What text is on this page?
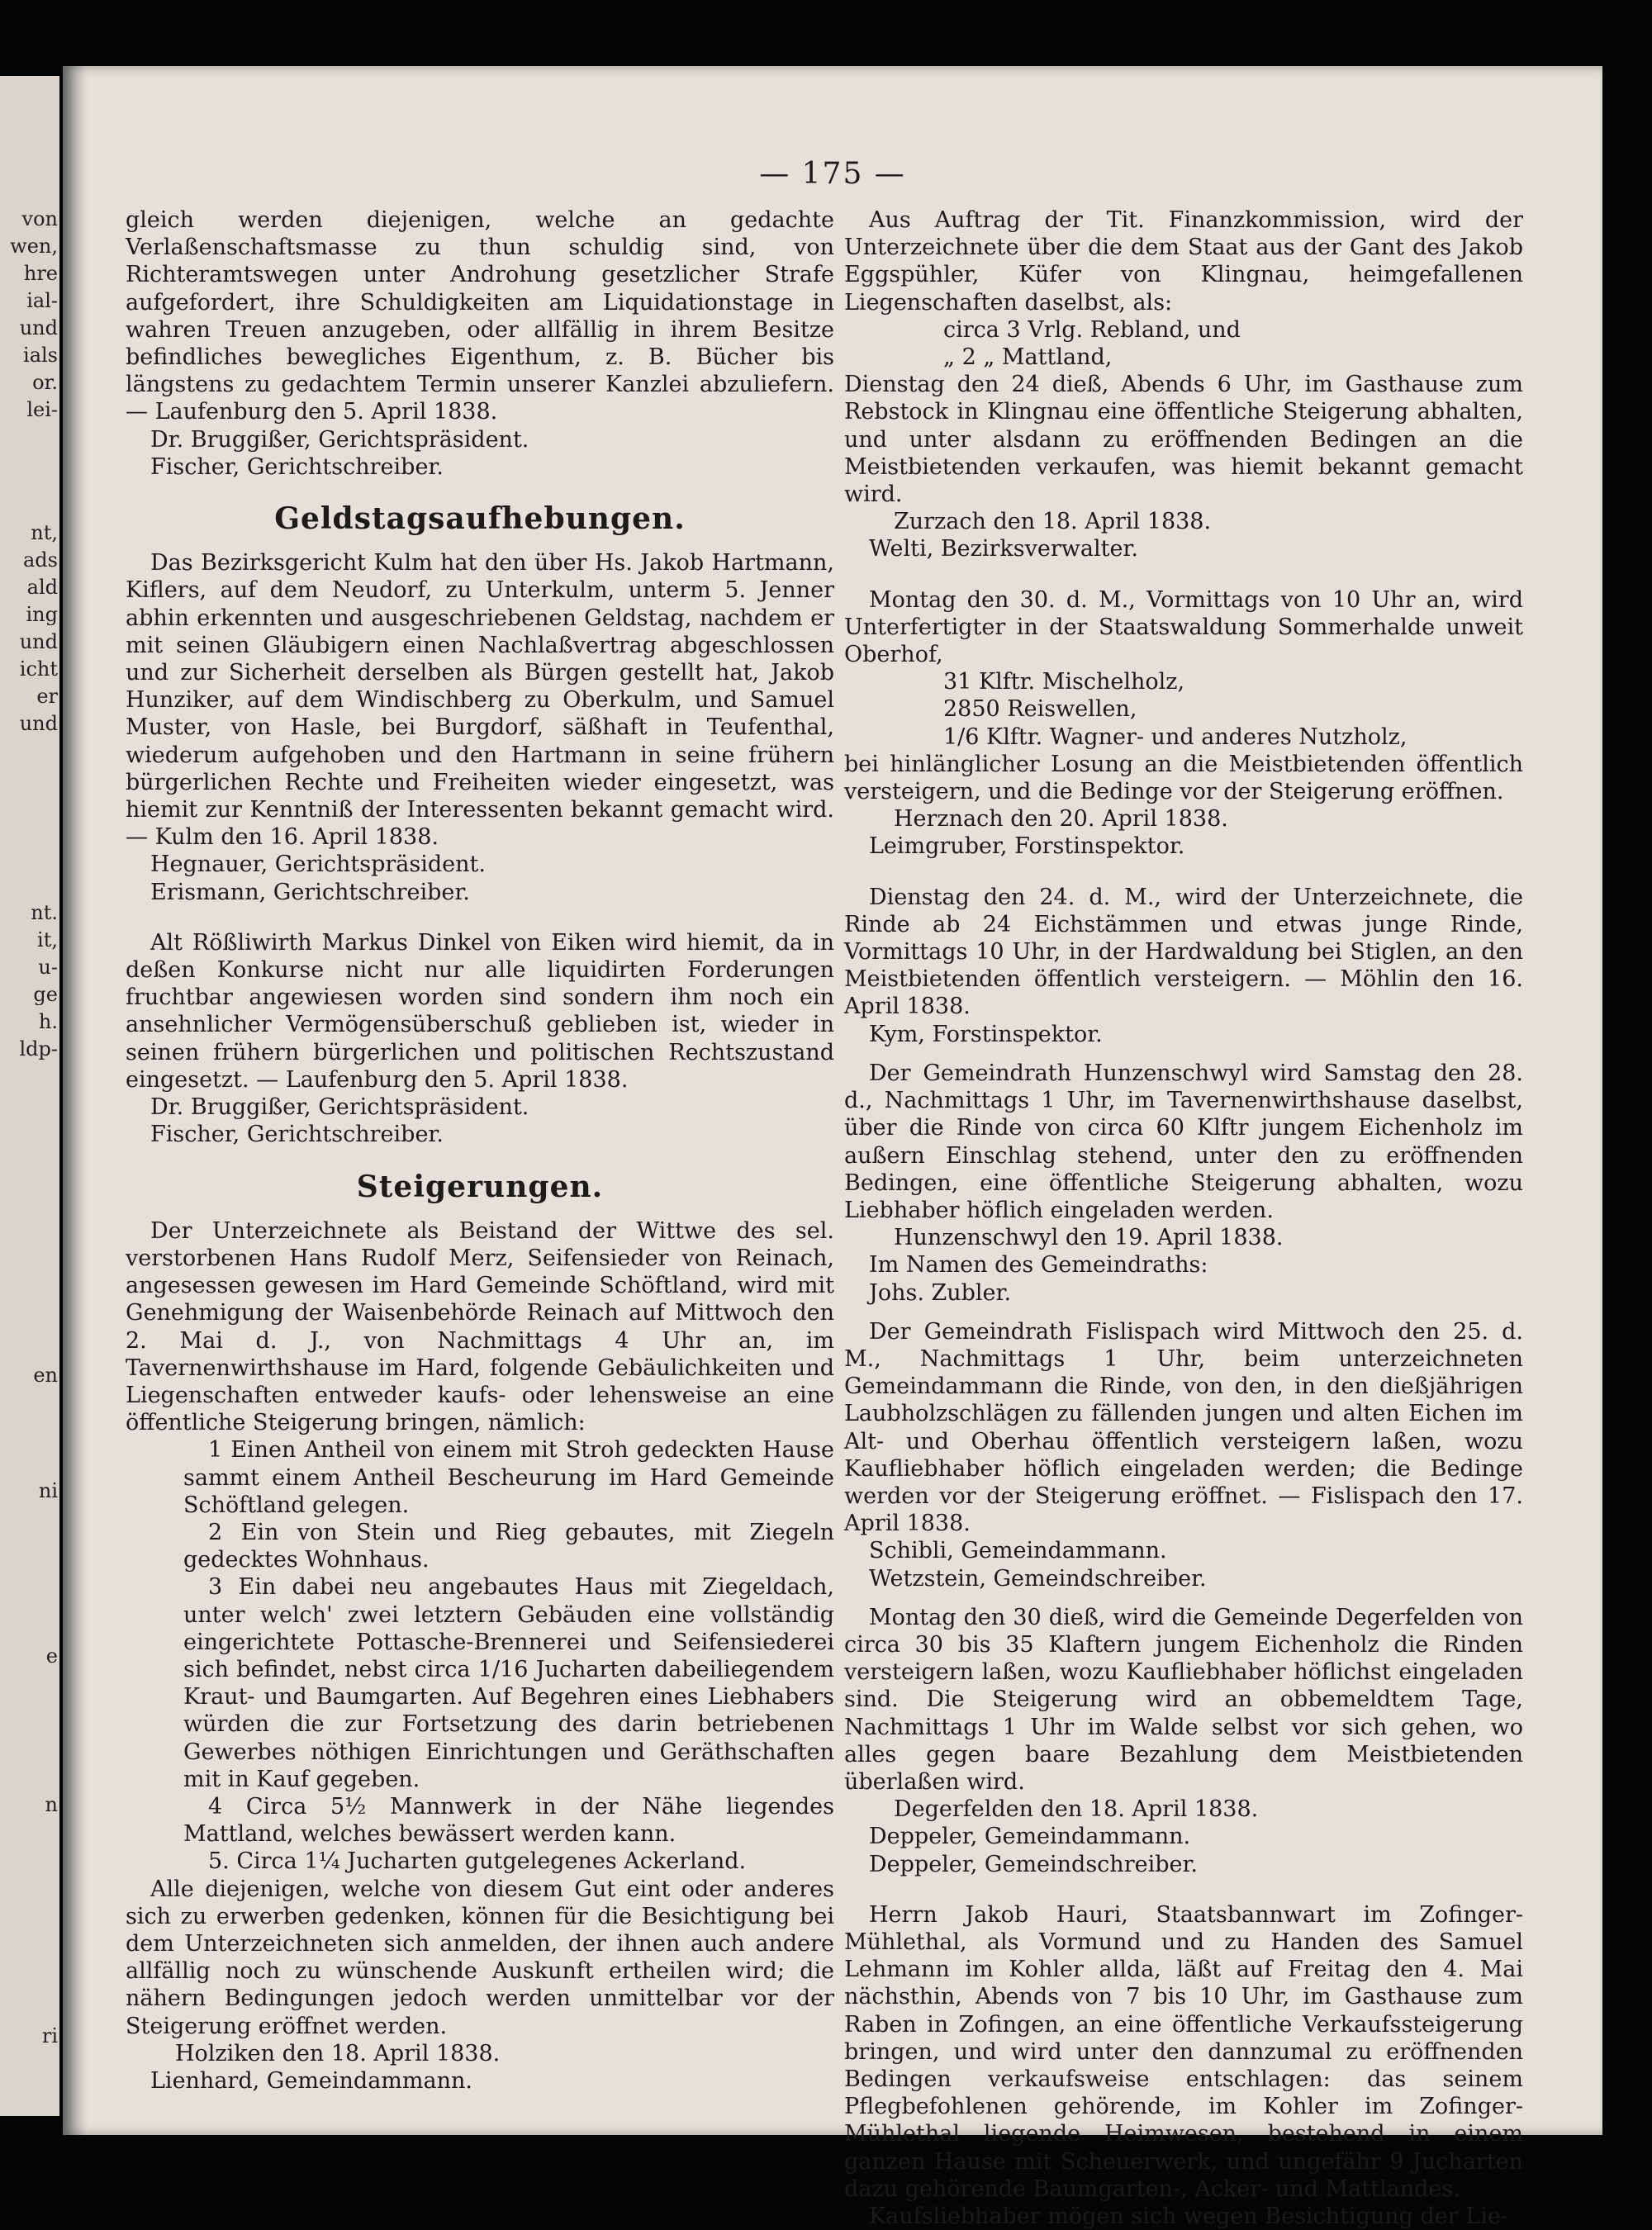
von
wen,
hre
ial-
und
ials
or.
lei-
nt,
ads
ald
ing
und
icht
er
und
nt.
it,
u-
ge
h.
ldp-
en
ni
e
n
ri
— 175 —

gleich werden diejenigen, welche an gedachte Verlaßenschaftsmasse zu thun schuldig sind, von Richteramtswegen unter Androhung gesetzlicher Strafe aufgefordert, ihre Schuldigkeiten am Liquidationstage in wahren Treuen anzugeben, oder allfällig in ihrem Besitze befindliches bewegliches Eigenthum, z. B. Bücher bis längstens zu gedachtem Termin unserer Kanzlei abzuliefern. — Laufenburg den 5. April 1838.

Dr. Bruggißer, Gerichtspräsident.

Fischer, Gerichtschreiber.

Geldstagsaufhebungen.

Das Bezirksgericht Kulm hat den über Hs. Jakob Hartmann, Kiflers, auf dem Neudorf, zu Unterkulm, unterm 5. Jenner abhin erkennten und ausgeschriebenen Geldstag, nachdem er mit seinen Gläubigern einen Nachlaßvertrag abgeschlossen und zur Sicherheit derselben als Bürgen gestellt hat, Jakob Hunziker, auf dem Windischberg zu Oberkulm, und Samuel Muster, von Hasle, bei Burgdorf, säßhaft in Teufenthal, wiederum aufgehoben und den Hartmann in seine frühern bürgerlichen Rechte und Freiheiten wieder eingesetzt, was hiemit zur Kenntniß der Interessenten bekannt gemacht wird. — Kulm den 16. April 1838.

Hegnauer, Gerichtspräsident.

Erismann, Gerichtschreiber.

Alt Rößliwirth Markus Dinkel von Eiken wird hiemit, da in deßen Konkurse nicht nur alle liquidirten Forderungen fruchtbar angewiesen worden sind sondern ihm noch ein ansehnlicher Vermögensüberschuß geblieben ist, wieder in seinen frühern bürgerlichen und politischen Rechtszustand eingesetzt. — Laufenburg den 5. April 1838.

Dr. Bruggißer, Gerichtspräsident.

Fischer, Gerichtschreiber.

Steigerungen.

Der Unterzeichnete als Beistand der Wittwe des sel. verstorbenen Hans Rudolf Merz, Seifensieder von Reinach, angesessen gewesen im Hard Gemeinde Schöftland, wird mit Genehmigung der Waisenbehörde Reinach auf Mittwoch den 2. Mai d. J., von Nachmittags 4 Uhr an, im Tavernenwirthshause im Hard, folgende Gebäulichkeiten und Liegenschaften entweder kaufs- oder lehensweise an eine öffentliche Steigerung bringen, nämlich:

1 Einen Antheil von einem mit Stroh gedeckten Hause sammt einem Antheil Bescheurung im Hard Gemeinde Schöftland gelegen.

2 Ein von Stein und Rieg gebautes, mit Ziegeln gedecktes Wohnhaus.

3 Ein dabei neu angebautes Haus mit Ziegeldach, unter welch' zwei letztern Gebäuden eine vollständig eingerichtete Pottasche-Brennerei und Seifensiederei sich befindet, nebst circa 1/16 Jucharten dabeiliegendem Kraut- und Baumgarten. Auf Begehren eines Liebhabers würden die zur Fortsetzung des darin betriebenen Gewerbes nöthigen Einrichtungen und Geräthschaften mit in Kauf gegeben.

4 Circa 5½ Mannwerk in der Nähe liegendes Mattland, welches bewässert werden kann.

5. Circa 1¼ Jucharten gutgelegenes Ackerland.

Alle diejenigen, welche von diesem Gut eint oder anderes sich zu erwerben gedenken, können für die Besichtigung bei dem Unterzeichneten sich anmelden, der ihnen auch andere allfällig noch zu wünschende Auskunft ertheilen wird; die nähern Bedingungen jedoch werden unmittelbar vor der Steigerung eröffnet werden.

Holziken den 18. April 1838.

Lienhard, Gemeindammann.

Aus Auftrag der Tit. Finanzkommission, wird der Unterzeichnete über die dem Staat aus der Gant des Jakob Eggspühler, Küfer von Klingnau, heimgefallenen Liegenschaften daselbst, als:

circa 3 Vrlg. Rebland, und

„ 2 „ Mattland,

Dienstag den 24 dieß, Abends 6 Uhr, im Gasthause zum Rebstock in Klingnau eine öffentliche Steigerung abhalten, und unter alsdann zu eröffnenden Bedingen an die Meistbietenden verkaufen, was hiemit bekannt gemacht wird.

Zurzach den 18. April 1838.

Welti, Bezirksverwalter.

Montag den 30. d. M., Vormittags von 10 Uhr an, wird Unterfertigter in der Staatswaldung Sommerhalde unweit Oberhof,

31 Klftr. Mischelholz,

2850 Reiswellen,

1/6 Klftr. Wagner- und anderes Nutzholz,

bei hinlänglicher Losung an die Meistbietenden öffentlich versteigern, und die Bedinge vor der Steigerung eröffnen.

Herznach den 20. April 1838.

Leimgruber, Forstinspektor.

Dienstag den 24. d. M., wird der Unterzeichnete, die Rinde ab 24 Eichstämmen und etwas junge Rinde, Vormittags 10 Uhr, in der Hardwaldung bei Stiglen, an den Meistbietenden öffentlich versteigern. — Möhlin den 16. April 1838.

Kym, Forstinspektor.

Der Gemeindrath Hunzenschwyl wird Samstag den 28. d., Nachmittags 1 Uhr, im Tavernenwirthshause daselbst, über die Rinde von circa 60 Klftr jungem Eichenholz im außern Einschlag stehend, unter den zu eröffnenden Bedingen, eine öffentliche Steigerung abhalten, wozu Liebhaber höflich eingeladen werden.

Hunzenschwyl den 19. April 1838.

Im Namen des Gemeindraths:

Johs. Zubler.

Der Gemeindrath Fislispach wird Mittwoch den 25. d. M., Nachmittags 1 Uhr, beim unterzeichneten Gemeindammann die Rinde, von den, in den dießjährigen Laubholzschlägen zu fällenden jungen und alten Eichen im Alt- und Oberhau öffentlich versteigern laßen, wozu Kaufliebhaber höflich eingeladen werden; die Bedinge werden vor der Steigerung eröffnet. — Fislispach den 17. April 1838.

Schibli, Gemeindammann.

Wetzstein, Gemeindschreiber.

Montag den 30 dieß, wird die Gemeinde Degerfelden von circa 30 bis 35 Klaftern jungem Eichenholz die Rinden versteigern laßen, wozu Kaufliebhaber höflichst eingeladen sind. Die Steigerung wird an obbemeldtem Tage, Nachmittags 1 Uhr im Walde selbst vor sich gehen, wo alles gegen baare Bezahlung dem Meistbietenden überlaßen wird.

Degerfelden den 18. April 1838.

Deppeler, Gemeindammann.

Deppeler, Gemeindschreiber.

Herrn Jakob Hauri, Staatsbannwart im Zofinger-Mühlethal, als Vormund und zu Handen des Samuel Lehmann im Kohler allda, läßt auf Freitag den 4. Mai nächsthin, Abends von 7 bis 10 Uhr, im Gasthause zum Raben in Zofingen, an eine öffentliche Verkaufssteigerung bringen, und wird unter den dannzumal zu eröffnenden Bedingen verkaufsweise entschlagen: das seinem Pflegbefohlenen gehörende, im Kohler im Zofinger-Mühlethal liegende Heimwesen, bestehend in einem ganzen Hause mit Scheuerwerk, und ungefähr 9 Jucharten dazu gehörende Baumgarten-, Acker- und Mattlandes.

Kaufsliebhaber mögen sich wegen Besichtigung der Lie-
